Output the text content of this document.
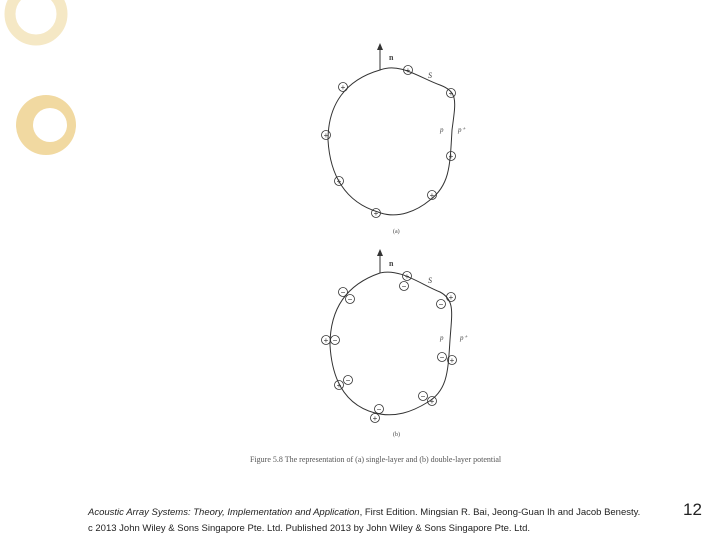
n
S
p p⁺
(a)
+
+
+
+
+
+
+
+
n
S
p p⁺
(b)
+
−
+
−
−
−
+ −
− +
+
−
−
+
−
+
Figure 5.8 The representation of (a) single-layer and (b) double-layer potential
Acoustic Array Systems: Theory, Implementation and Application, First Edition. Mingsian R. Bai, Jeong-Guan Ih and Jacob Benesty.
c 2013 John Wiley & Sons Singapore Pte. Ltd. Published 2013 by John Wiley & Sons Singapore Pte. Ltd.
12
